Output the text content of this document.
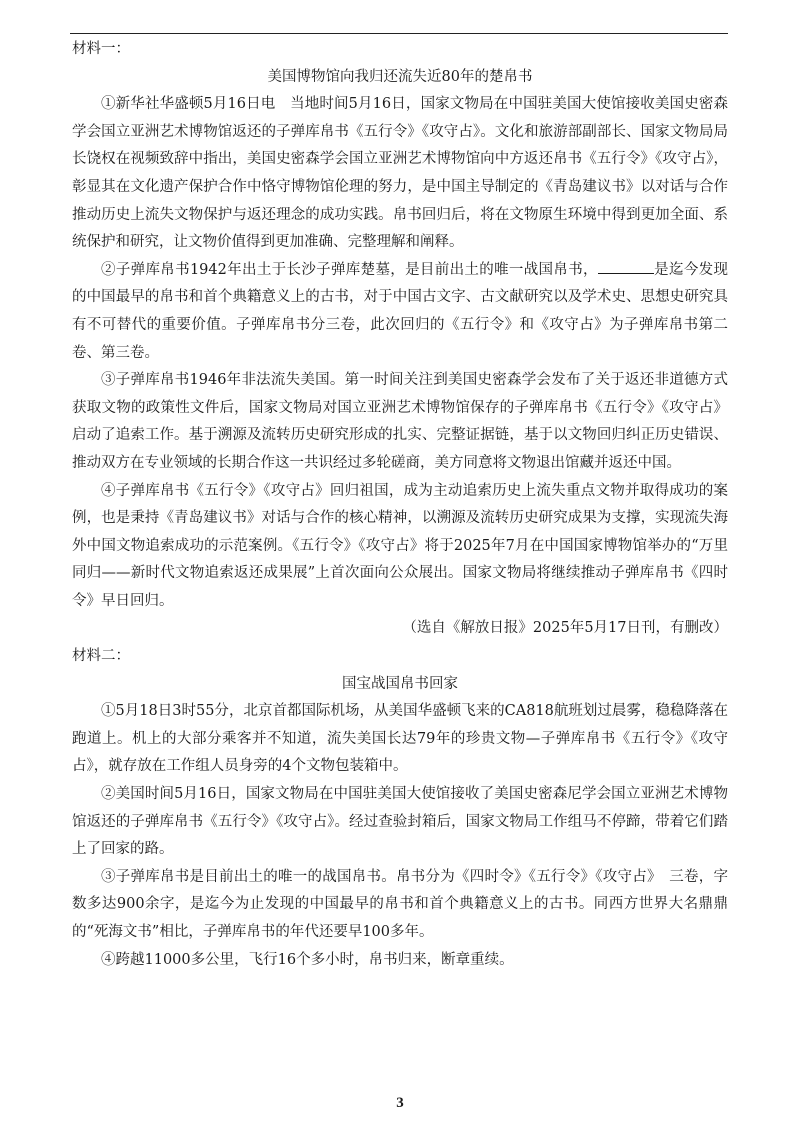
材料一：

美国博物馆向我归还流失近80年的楚帛书

①新华社华盛顿5月16日电　当地时间5月16日，国家文物局在中国驻美国大使馆接收美国史密森学会国立亚洲艺术博物馆返还的子弹库帛书《五行令》《攻守占》。文化和旅游部副部长、国家文物局局长饶权在视频致辞中指出，美国史密森学会国立亚洲艺术博物馆向中方返还帛书《五行令》《攻守占》，彰显其在文化遗产保护合作中恪守博物馆伦理的努力，是中国主导制定的《青岛建议书》以对话与合作推动历史上流失文物保护与返还理念的成功实践。帛书回归后，将在文物原生环境中得到更加全面、系统保护和研究，让文物价值得到更加准确、完整理解和阐释。

②子弹库帛书1942年出土于长沙子弹库楚墓，是目前出土的唯一战国帛书，	是迄今发现的中国最早的帛书和首个典籍意义上的古书，对于中国古文字、古文献研究以及学术史、思想史研究具有不可替代的重要价值。子弹库帛书分三卷，此次回归的《五行令》和《攻守占》为子弹库帛书第二卷、第三卷。

③子弹库帛书1946年非法流失美国。第一时间关注到美国史密森学会发布了关于返还非道德方式获取文物的政策性文件后，国家文物局对国立亚洲艺术博物馆保存的子弹库帛书《五行令》《攻守占》启动了追索工作。基于溯源及流转历史研究形成的扎实、完整证据链，基于以文物回归纠正历史错误、推动双方在专业领域的长期合作这一共识经过多轮磋商，美方同意将文物退出馆藏并返还中国。

④子弹库帛书《五行令》《攻守占》回归祖国，成为主动追索历史上流失重点文物并取得成功的案例，也是秉持《青岛建议书》对话与合作的核心精神，以溯源及流转历史研究成果为支撑，实现流失海外中国文物追索成功的示范案例。《五行令》《攻守占》将于2025年7月在中国国家博物馆举办的“万里同归——新时代文物追索返还成果展”上首次面向公众展出。国家文物局将继续推动子弹库帛书《四时令》早日回归。

（选自《解放日报》2025年5月17日刊，有删改）

材料二：

国宝战国帛书回家

①5月18日3时55分，北京首都国际机场，从美国华盛顿飞来的CA818航班划过晨雾，稳稳降落在跑道上。机上的大部分乘客并不知道，流失美国长达79年的珍贵文物—子弹库帛书《五行令》《攻守占》，就存放在工作组人员身旁的4个文物包装箱中。

②美国时间5月16日，国家文物局在中国驻美国大使馆接收了美国史密森尼学会国立亚洲艺术博物馆返还的子弹库帛书《五行令》《攻守占》。经过查验封箱后，国家文物局工作组马不停蹄，带着它们踏上了回家的路。

③子弹库帛书是目前出土的唯一的战国帛书。帛书分为《四时令》《五行令》《攻守占》　三卷，字数多达900余字，是迄今为止发现的中国最早的帛书和首个典籍意义上的古书。同西方世界大名鼎鼎的“死海文书”相比，子弹库帛书的年代还要早100多年。

④跨越11000多公里，飞行16个多小时，帛书归来，断章重续。

3
